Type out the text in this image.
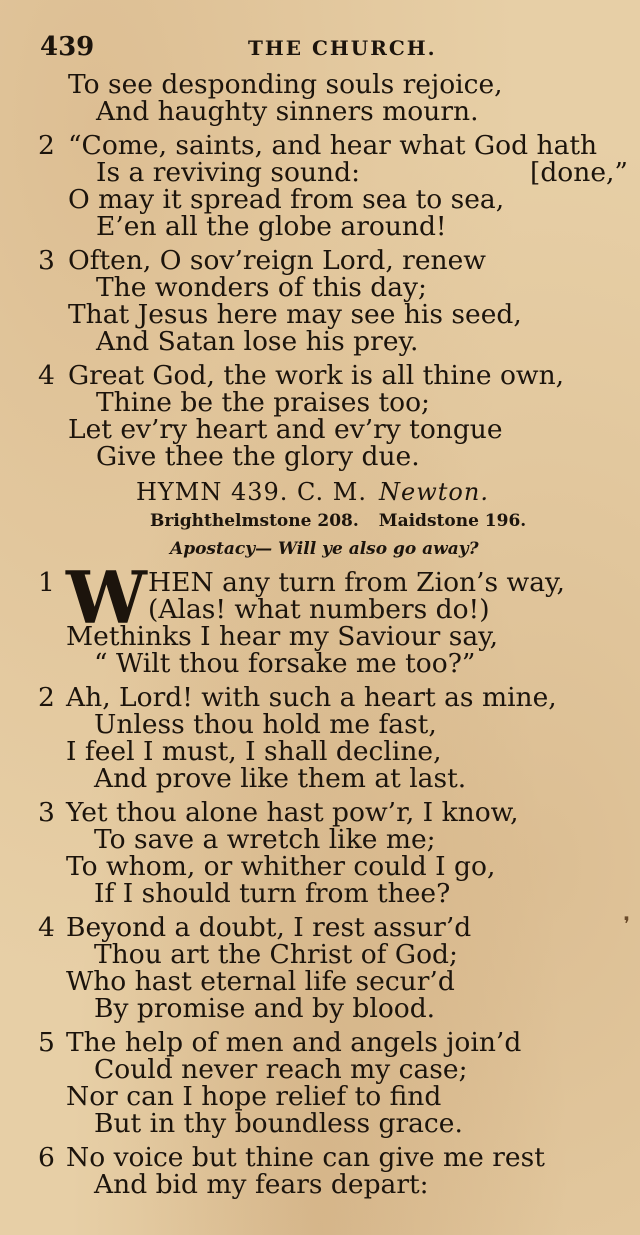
439	THE CHURCH.
To see desponding souls rejoice,
And haughty sinners mourn.
2 “Come, saints, and hear what God hath
Is a reviving sound:	[done,”
O may it spread from sea to sea,
E’en all the globe around!
3 Often, O sov’reign Lord, renew
The wonders of this day;
That Jesus here may see his seed,
And Satan lose his prey.
4 Great God, the work is all thine own,
Thine be the praises too;
Let ev’ry heart and ev’ry tongue
Give thee the glory due.
HYMN 439. C. M. Newton.
Brighthelmstone 208. Maidstone 196.
Apostacy— Will ye also go away?
1 W HEN any turn from Zion’s way,
(Alas! what numbers do!)
Methinks I hear my Saviour say,
“ Wilt thou forsake me too?”
2 Ah, Lord! with such a heart as mine,
Unless thou hold me fast,
I feel I must, I shall decline,
And prove like them at last.
3 Yet thou alone hast pow’r, I know,
To save a wretch like me;
To whom, or whither could I go,
If I should turn from thee?
4 Beyond a doubt, I rest assur’d
Thou art the Christ of God;
Who hast eternal life secur’d
By promise and by blood.
5 The help of men and angels join’d
Could never reach my case;
Nor can I hope relief to find
But in thy boundless grace.
6 No voice but thine can give me rest
And bid my fears depart:
❜
